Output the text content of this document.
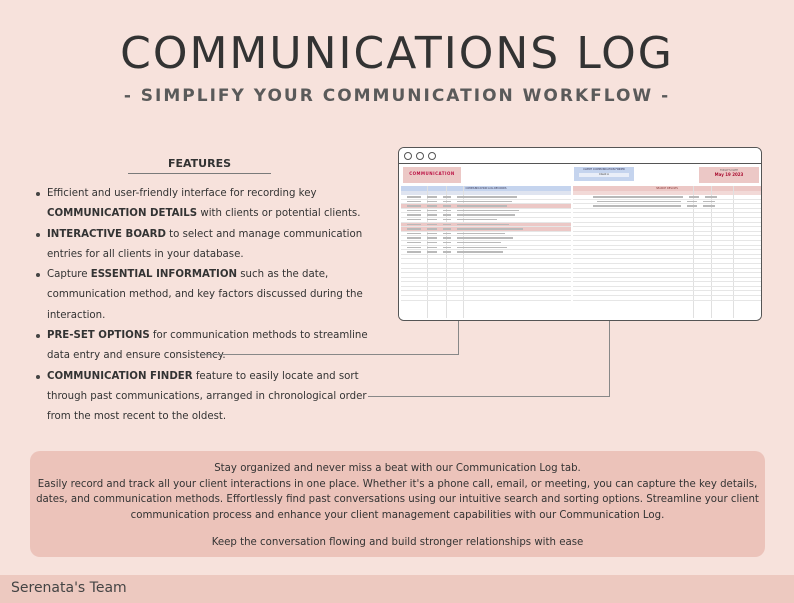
COMMUNICATIONS LOG
- SIMPLIFY YOUR COMMUNICATION WORKFLOW -
FEATURES
Efficient and user-friendly interface for recording key COMMUNICATION DETAILS with clients or potential clients.
INTERACTIVE BOARD to select and manage communication entries for all clients in your database.
Capture ESSENTIAL INFORMATION such as the date, communication method, and key factors discussed during the interaction.
PRE-SET OPTIONS for communication methods to streamline data entry and ensure consistency.
COMMUNICATION FINDER feature to easily locate and sort through past communications, arranged in chronological order from the most recent to the oldest.
COMMUNICATION
CLIENT COMMUNICATION FINDER
Client A
TODAY'S DATE
May 19 2023
COMMUNICATION LOG RECORDS	SEARCH RESULTS

Stay organized and never miss a beat with our Communication Log tab.

Easily record and track all your client interactions in one place. Whether it's a phone call, email, or meeting, you can capture the key details, dates, and communication methods. Effortlessly find past conversations using our intuitive search and sorting options. Streamline your client communication process and enhance your client management capabilities with our Communication Log.

Keep the conversation flowing and build stronger relationships with ease

Serenata's Team
